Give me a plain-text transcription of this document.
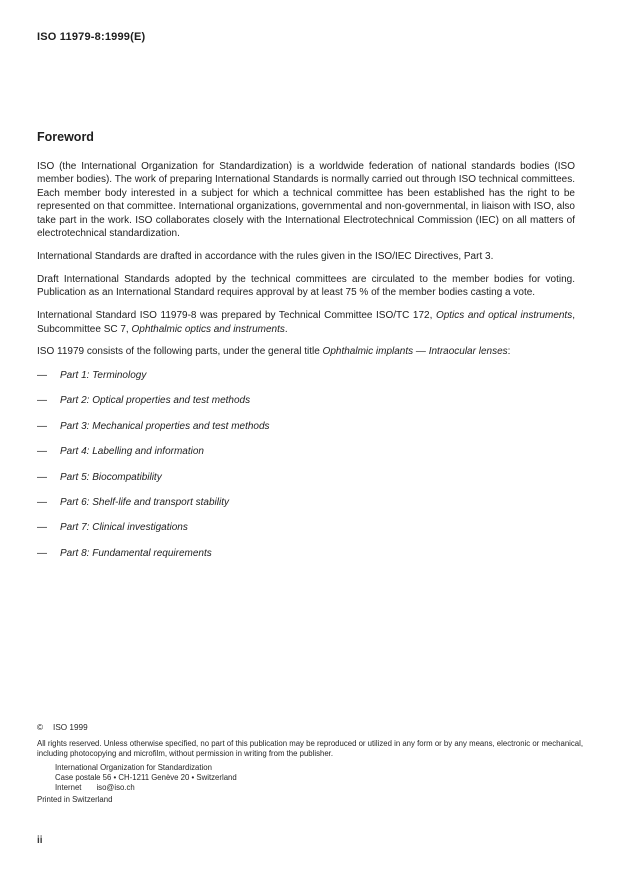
ISO 11979-8:1999(E)
Foreword

ISO (the International Organization for Standardization) is a worldwide federation of national standards bodies (ISO member bodies). The work of preparing International Standards is normally carried out through ISO technical committees. Each member body interested in a subject for which a technical committee has been established has the right to be represented on that committee. International organizations, governmental and non-governmental, in liaison with ISO, also take part in the work. ISO collaborates closely with the International Electrotechnical Commission (IEC) on all matters of electrotechnical standardization.

International Standards are drafted in accordance with the rules given in the ISO/IEC Directives, Part 3.

Draft International Standards adopted by the technical committees are circulated to the member bodies for voting. Publication as an International Standard requires approval by at least 75 % of the member bodies casting a vote.

International Standard ISO 11979-8 was prepared by Technical Committee ISO/TC 172, Optics and optical instruments, Subcommittee SC 7, Ophthalmic optics and instruments.

ISO 11979 consists of the following parts, under the general title Ophthalmic implants — Intraocular lenses:

—	Part 1: Terminology
—	Part 2: Optical properties and test methods
—	Part 3: Mechanical properties and test methods
—	Part 4: Labelling and information
—	Part 5: Biocompatibility
—	Part 6: Shelf-life and transport stability
—	Part 7: Clinical investigations
—	Part 8: Fundamental requirements
© ISO 1999
All rights reserved. Unless otherwise specified, no part of this publication may be reproduced or utilized in any form or by any means, electronic or mechanical, including photocopying and microfilm, without permission in writing from the publisher.
International Organization for Standardization
Case postale 56 • CH-1211 Genève 20 • Switzerland
Internet iso@iso.ch
Printed in Switzerland
ii
